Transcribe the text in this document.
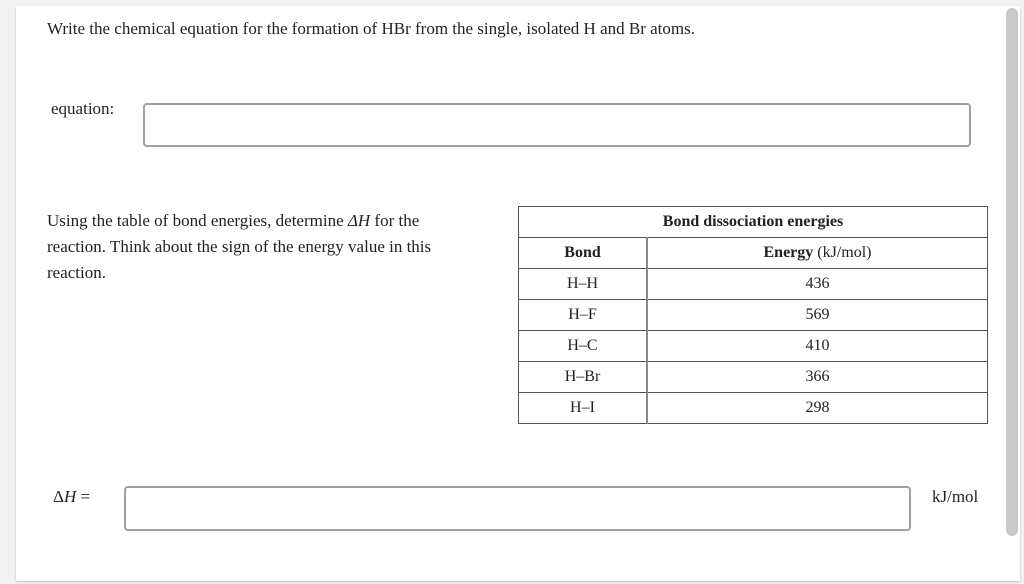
Write the chemical equation for the formation of HBr from the single, isolated H and Br atoms.
equation:
Using the table of bond energies, determine ΔH for the reaction. Think about the sign of the energy value in this reaction.
Bond dissociation energies	
Bond	Energy (kJ/mol)
H–H	436
H–F	569
H–C	410
H–Br	366
H–I	298
ΔH =	kJ/mol
